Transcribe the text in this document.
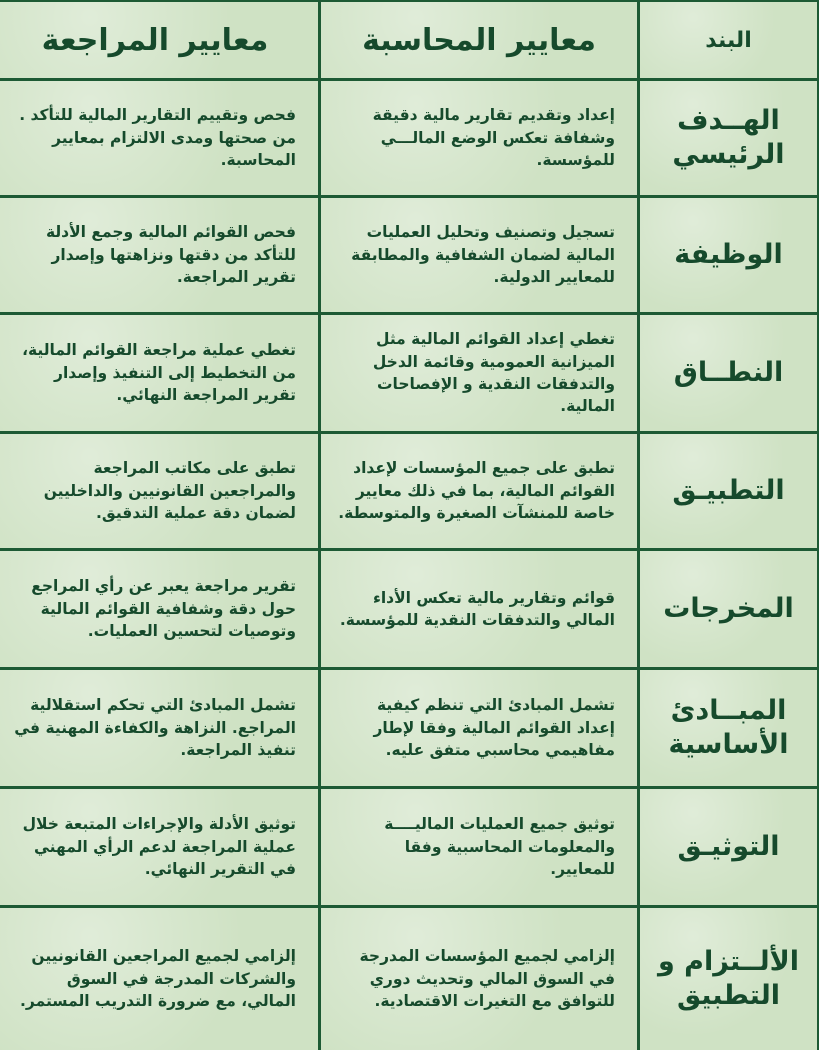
البند
معايير المحاسبة
معايير المراجعة
الهــدف الرئيسي
إعداد وتقديم تقارير مالية دقيقة وشفافة تعكس الوضع المالـــي للمؤسسة.
فحص وتقييم التقارير المالية للتأكد . من صحتها ومدى الالتزام بمعايير المحاسبة.
الوظيفة
تسجيل وتصنيف وتحليل العمليات المالية لضمان الشفافية والمطابقة للمعايير الدولية.
فحص القوائم المالية وجمع الأدلة للتأكد من دقتها ونزاهتها وإصدار تقرير المراجعة.
النطــاق
تغطي إعداد القوائم المالية مثل الميزانية العمومية وقائمة الدخل والتدفقات النقدية و الإفصاحات المالية.
تغطي عملية مراجعة القوائم المالية، من التخطيط إلى التنفيذ وإصدار تقرير المراجعة النهائي.
التطبيـق
تطبق على جميع المؤسسات لإعداد القوائم المالية، بما في ذلك معايير خاصة للمنشآت الصغيرة والمتوسطة.
تطبق على مكاتب المراجعة والمراجعين القانونيين والداخليين لضمان دقة عملية التدقيق.
المخرجات
قوائم وتقارير مالية تعكس الأداء المالي والتدفقات النقدية للمؤسسة.
تقرير مراجعة يعبر عن رأي المراجع حول دقة وشفافية القوائم المالية وتوصيات لتحسين العمليات.
المبــادئ الأساسية
تشمل المبادئ التي تنظم كيفية إعداد القوائم المالية وفقا لإطار مفاهيمي محاسبي متفق عليه.
تشمل المبادئ التي تحكم استقلالية المراجع. النزاهة والكفاءة المهنية في تنفيذ المراجعة.
التوثيـق
توثيق جميع العمليات الماليــــة والمعلومات المحاسبية وفقا للمعايير.
توثيق الأدلة والإجراءات المتبعة خلال عملية المراجعة لدعم الرأي المهني في التقرير النهائي.
الألــتزام و التطبيق
إلزامي لجميع المؤسسات المدرجة في السوق المالي وتحديث دوري للتوافق مع التغيرات الاقتصادية.
إلزامي لجميع المراجعين القانونيين والشركات المدرجة في السوق المالي، مع ضرورة التدريب المستمر.
